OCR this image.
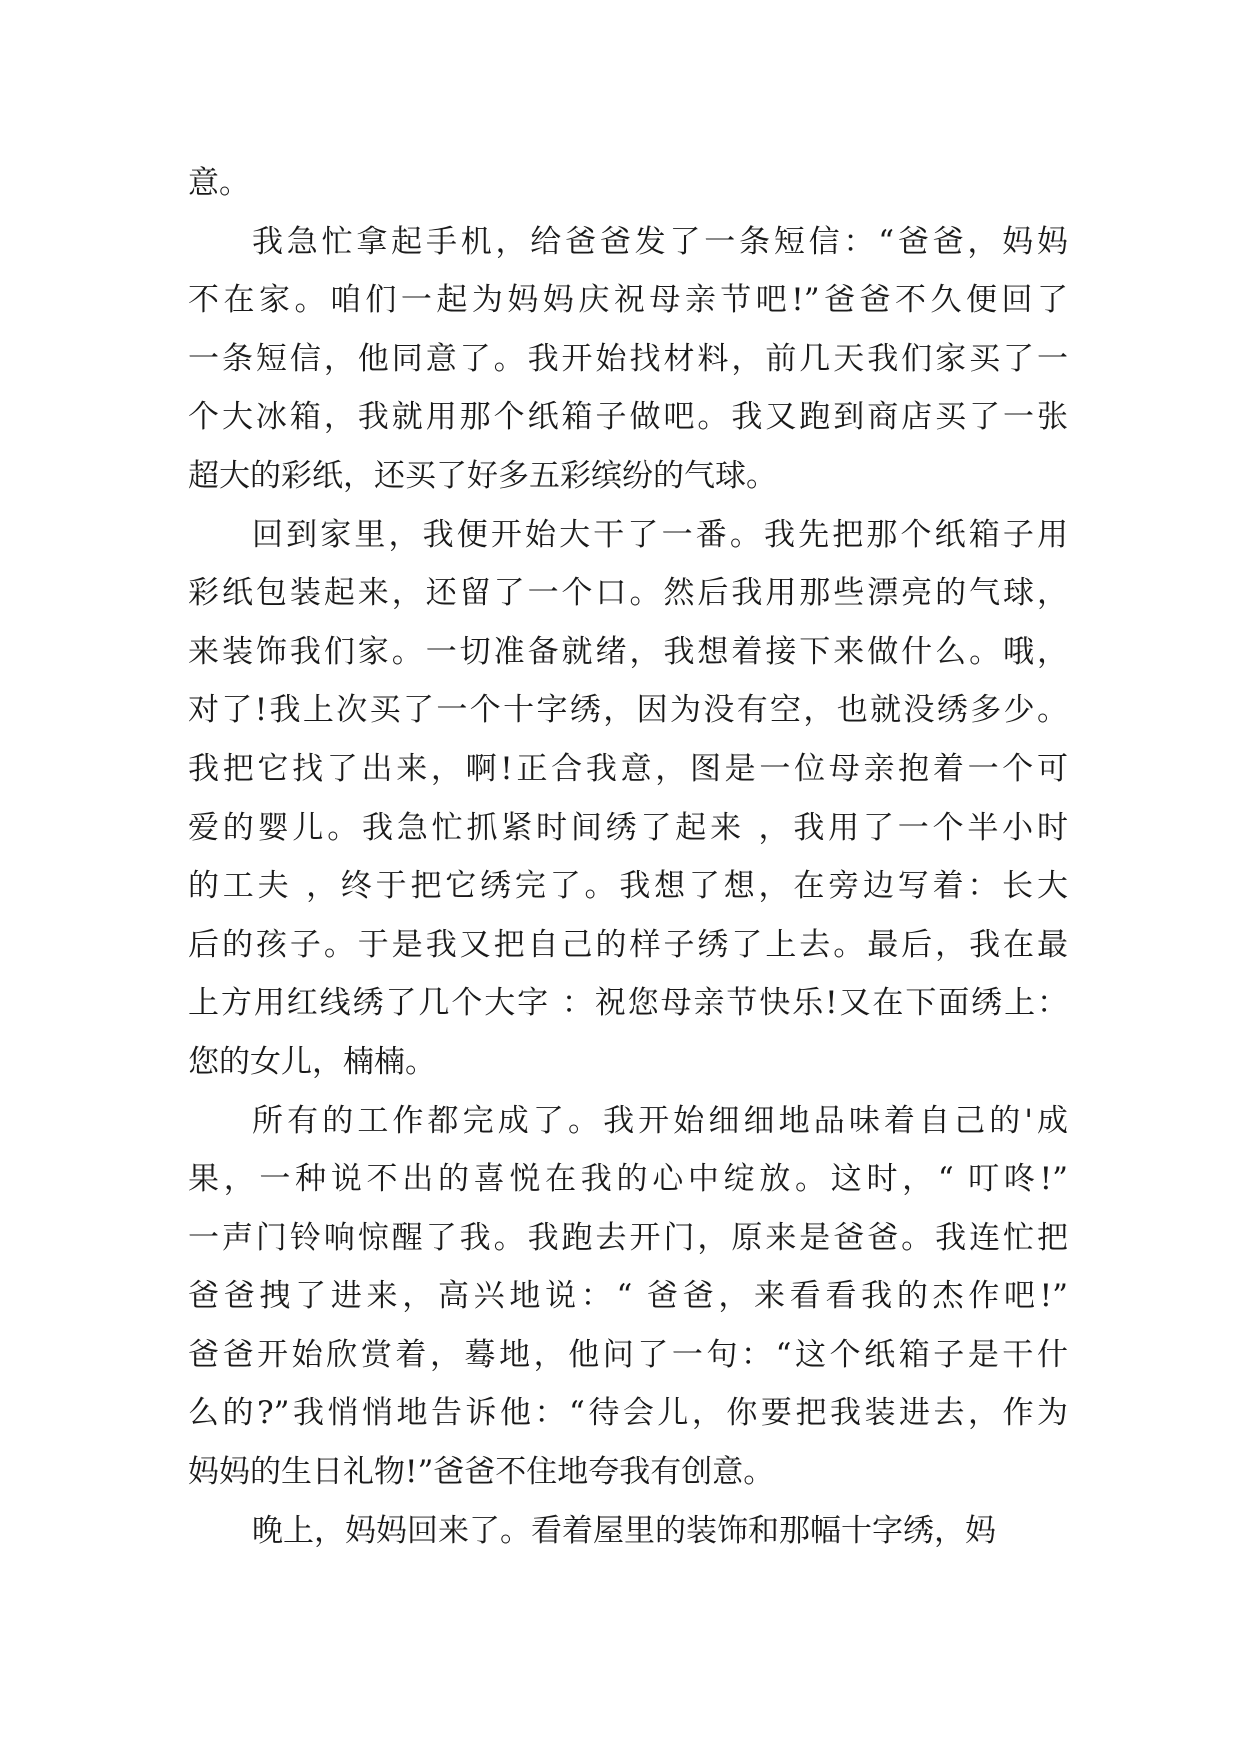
意。
我急忙拿起手机，给爸爸发了一条短信：“爸爸，妈妈
不在家。咱们一起为妈妈庆祝母亲节吧!”爸爸不久便回了
一条短信，他同意了。我开始找材料，前几天我们家买了一
个大冰箱，我就用那个纸箱子做吧。我又跑到商店买了一张
超大的彩纸，还买了好多五彩缤纷的气球。
回到家里，我便开始大干了一番。我先把那个纸箱子用
彩纸包装起来，还留了一个口。然后我用那些漂亮的气球，
来装饰我们家。一切准备就绪，我想着接下来做什么。哦，
对了!我上次买了一个十字绣，因为没有空，也就没绣多少。
我把它找了出来，啊!正合我意，图是一位母亲抱着一个可
爱的婴儿。我急忙抓紧时间绣了起来 ，我用了一个半小时
的工夫 ，终于把它绣完了。我想了想，在旁边写着：长大
后的孩子。于是我又把自己的样子绣了上去。最后，我在最
上方用红线绣了几个大字 ：祝您母亲节快乐!又在下面绣上：
您的女儿，楠楠。
所有的工作都完成了。我开始细细地品味着自己的'成
果，一种说不出的喜悦在我的心中绽放。这时，“ 叮咚!”
一声门铃响惊醒了我。我跑去开门，原来是爸爸。我连忙把
爸爸拽了进来，高兴地说：“ 爸爸，来看看我的杰作吧!”
爸爸开始欣赏着，蓦地，他问了一句：“这个纸箱子是干什
么的?”我悄悄地告诉他：“待会儿，你要把我装进去，作为
妈妈的生日礼物!”爸爸不住地夸我有创意。
晚上，妈妈回来了。看着屋里的装饰和那幅十字绣，妈
